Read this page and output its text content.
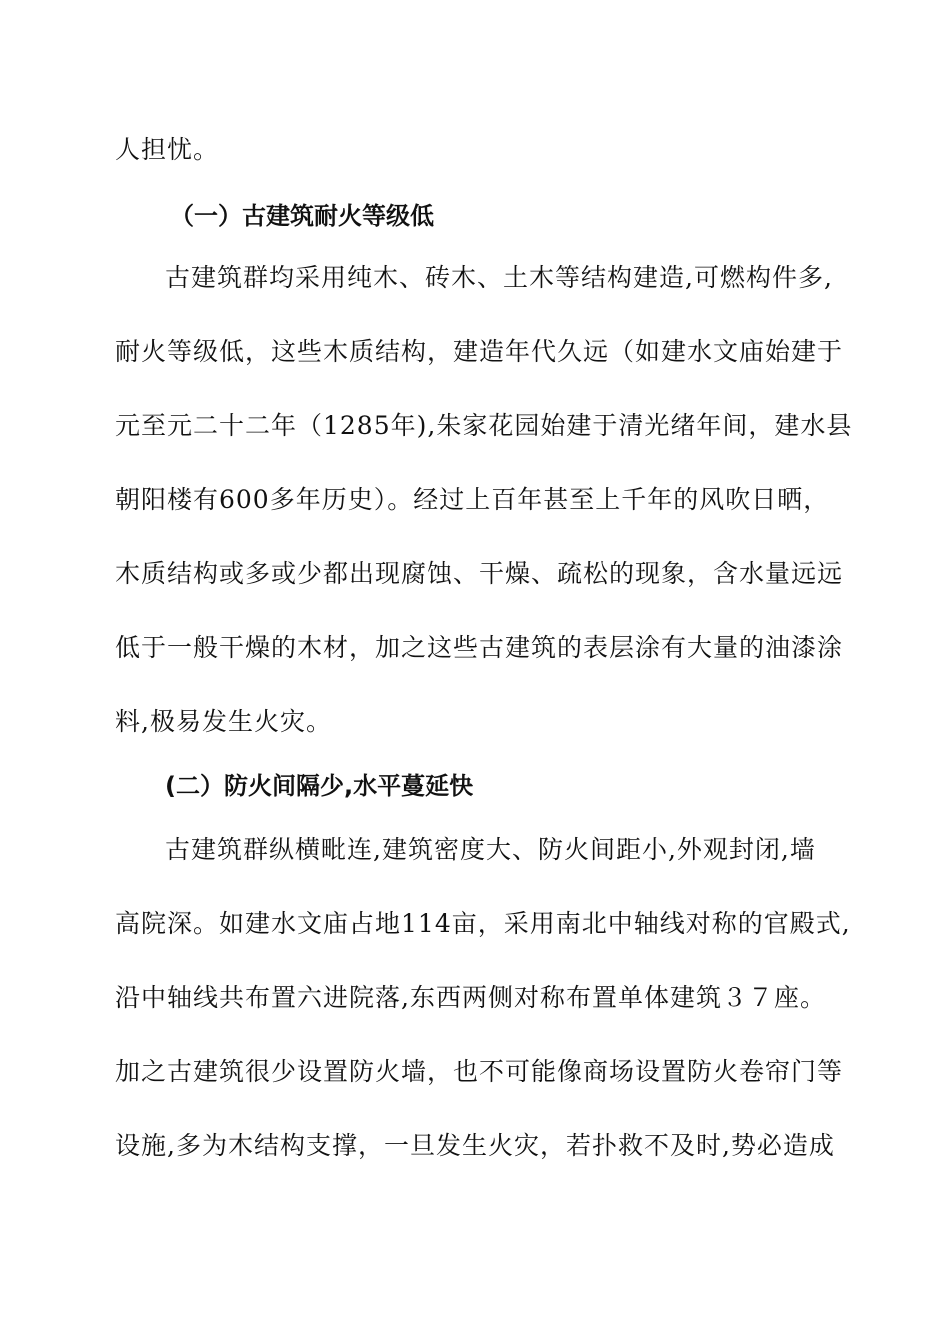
人担忧。
（一）古建筑耐火等级低
古建筑群均采用纯木、砖木、土木等结构建造,可燃构件多,
耐火等级低，这些木质结构，建造年代久远（如建水文庙始建于
元至元二十二年（1285年),朱家花园始建于清光绪年间，建水县
朝阳楼有600多年历史）。经过上百年甚至上千年的风吹日晒，
木质结构或多或少都出现腐蚀、干燥、疏松的现象，含水量远远
低于一般干燥的木材，加之这些古建筑的表层涂有大量的油漆涂
料,极易发生火灾。
(二）防火间隔少,水平蔓延快
古建筑群纵横毗连,建筑密度大、防火间距小,外观封闭,墙
高院深。如建水文庙占地114亩，采用南北中轴线对称的官殿式,
沿中轴线共布置六进院落,东西两侧对称布置单体建筑３７座。
加之古建筑很少设置防火墙，也不可能像商场设置防火卷帘门等
设施,多为木结构支撑，一旦发生火灾，若扑救不及时,势必造成
